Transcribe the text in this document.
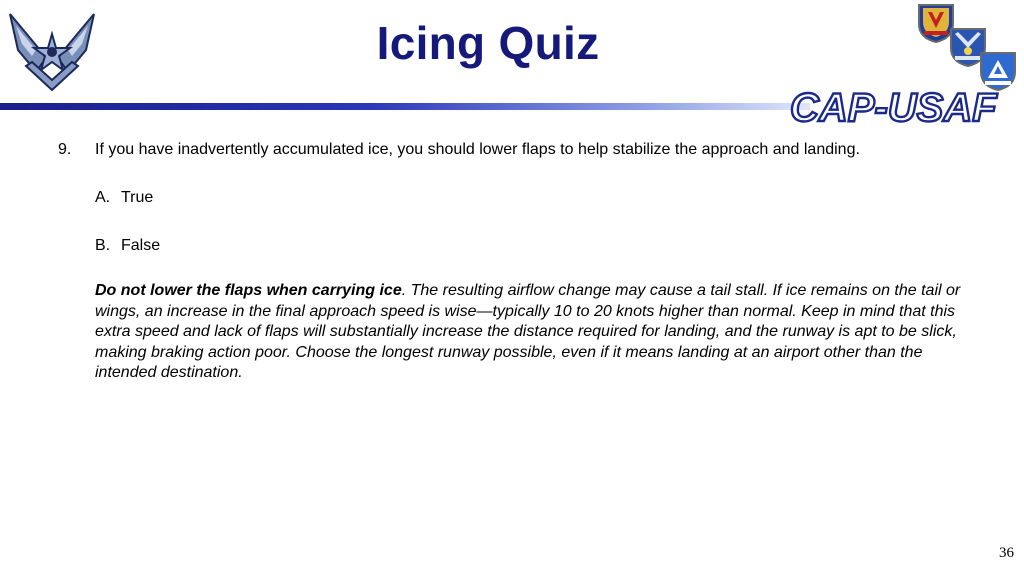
Icing Quiz
CAP-USAF
9. If you have inadvertently accumulated ice, you should lower flaps to help stabilize the approach and landing.
A. True
B. False
Do not lower the flaps when carrying ice. The resulting airflow change may cause a tail stall. If ice remains on the tail or wings, an increase in the final approach speed is wise—typically 10 to 20 knots higher than normal. Keep in mind that this extra speed and lack of flaps will substantially increase the distance required for landing, and the runway is apt to be slick, making braking action poor. Choose the longest runway possible, even if it means landing at an airport other than the intended destination.
36
